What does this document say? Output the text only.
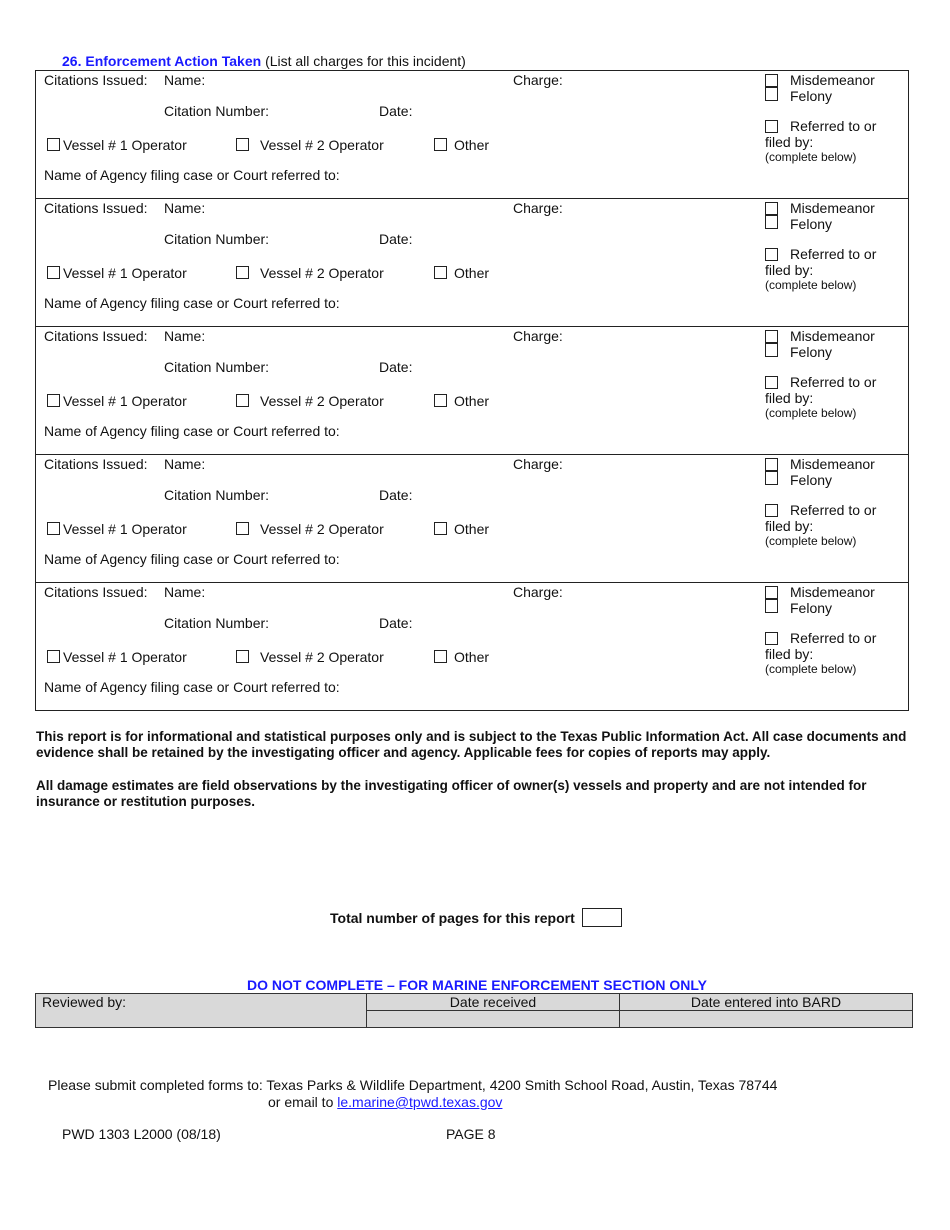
26. Enforcement Action Taken (List all charges for this incident)
Citations Issued: Name:	Charge:	Misdemeanor
Felony
Citation Number:	Date:
Referred to or
filed by:
(complete below)
Vessel # 1 Operator	Vessel # 2 Operator	Other
Name of Agency filing case or Court referred to:
Citations Issued: Name:	Charge:	Misdemeanor
Felony
Citation Number:	Date:
Referred to or
filed by:
(complete below)
Vessel # 1 Operator	Vessel # 2 Operator	Other
Name of Agency filing case or Court referred to:
Citations Issued: Name:	Charge:	Misdemeanor
Felony
Citation Number:	Date:
Referred to or
filed by:
(complete below)
Vessel # 1 Operator	Vessel # 2 Operator	Other
Name of Agency filing case or Court referred to:
Citations Issued: Name:	Charge:	Misdemeanor
Felony
Citation Number:	Date:
Referred to or
filed by:
(complete below)
Vessel # 1 Operator	Vessel # 2 Operator	Other
Name of Agency filing case or Court referred to:
Citations Issued: Name:	Charge:	Misdemeanor
Felony
Citation Number:	Date:
Referred to or
filed by:
(complete below)
Vessel # 1 Operator	Vessel # 2 Operator	Other
Name of Agency filing case or Court referred to:
This report is for informational and statistical purposes only and is subject to the Texas Public Information Act. All case documents and evidence shall be retained by the investigating officer and agency. Applicable fees for copies of reports may apply.
All damage estimates are field observations by the investigating officer of owner(s) vessels and property and are not intended for insurance or restitution purposes.
Total number of pages for this report
DO NOT COMPLETE – FOR MARINE ENFORCEMENT SECTION ONLY
Reviewed by:	Date received	Date entered into BARD

Please submit completed forms to: Texas Parks & Wildlife Department, 4200 Smith School Road, Austin, Texas 78744
or email to le.marine@tpwd.texas.gov
PWD 1303 L2000 (08/18)	PAGE 8
